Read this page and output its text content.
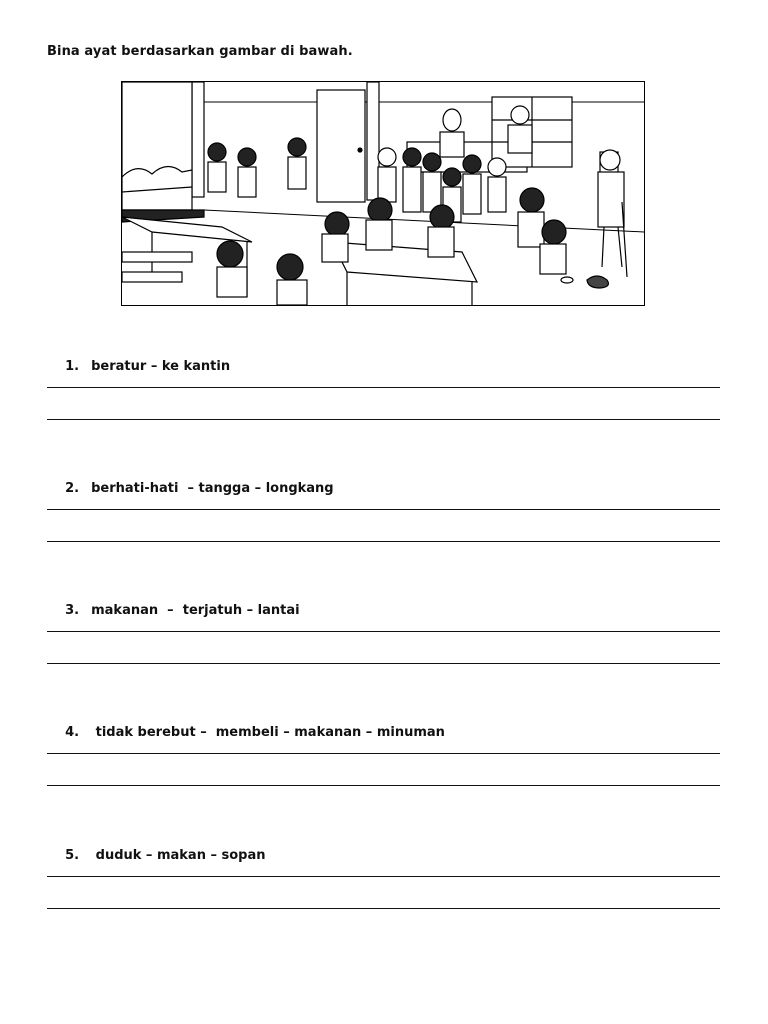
Bina ayat berdasarkan gambar di bawah.

1. beratur – ke kantin

2. berhati-hati  – tangga – longkang

3. makanan  –  terjatuh – lantai

4. tidak berebut –  membeli – makanan – minuman

5. duduk – makan – sopan
